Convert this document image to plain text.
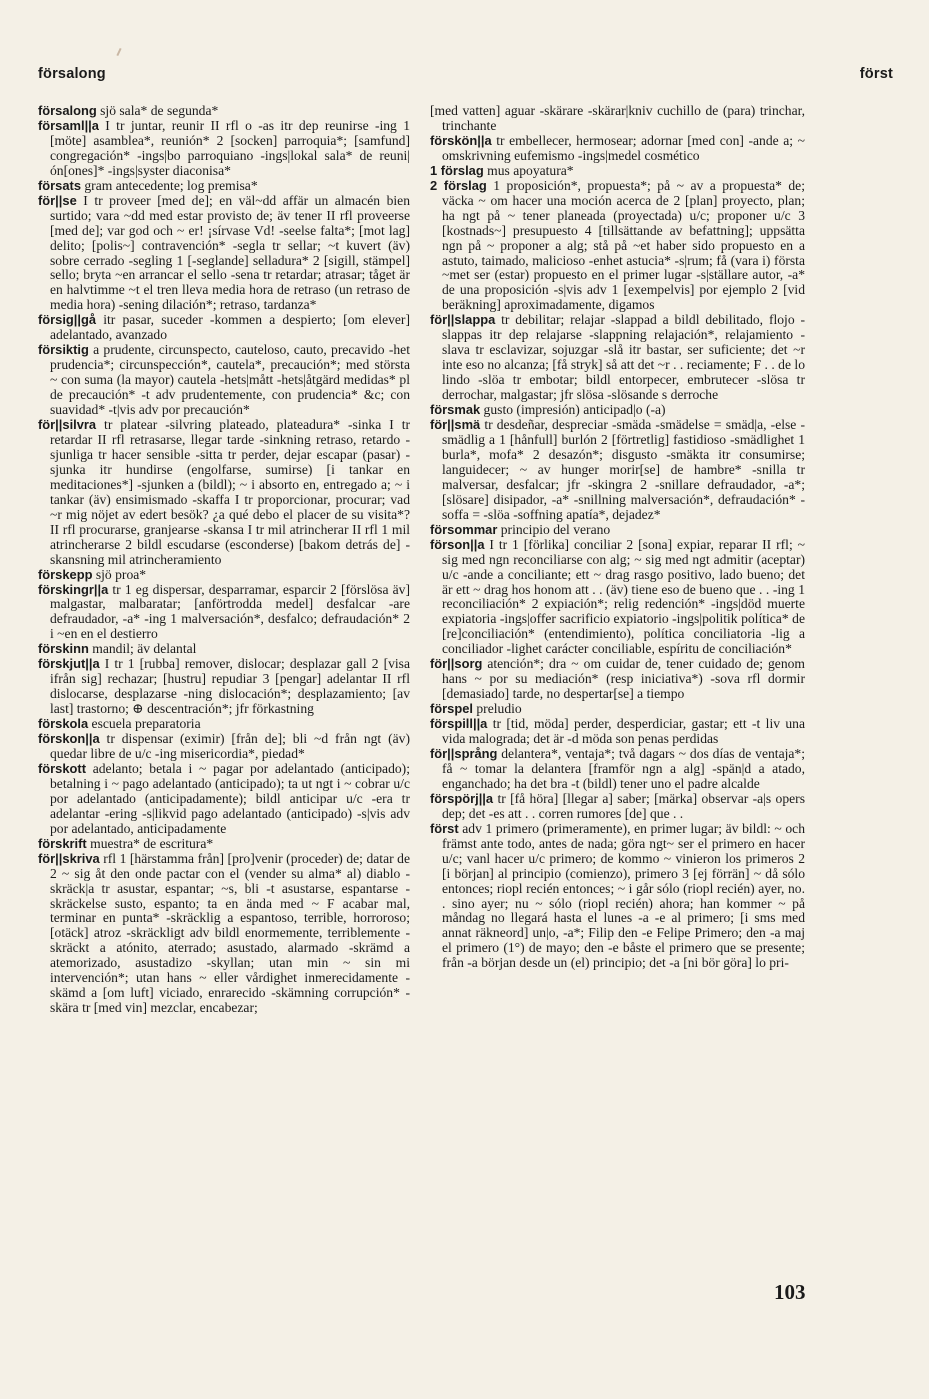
försalong	först

försalong sjö sala* de segunda*

församl||a I tr juntar, reunir II rfl o -as itr dep reunirse -ing 1 [möte] asamblea*, reunión* 2 [socken] parroquia*; [samfund] congregación* -ings|bo parroquiano -ings|lokal sala* de reuni|ón[ones]* -ings|syster diaconisa*

försats gram antecedente; log premisa*

för||se I tr proveer [med de]; en väl~dd affär un almacén bien surtido; vara ~dd med estar provisto de; äv tener II rfl proveerse [med de]; var god och ~ er! ¡sírvase Vd! -seelse falta*; [mot lag] delito; [polis~] contravención* -segla tr sellar; ~t kuvert (äv) sobre cerrado -segling 1 [-seglande] selladura* 2 [sigill, stämpel] sello; bryta ~en arrancar el sello -sena tr retardar; atrasar; tåget är en halvtimme ~t el tren lleva media hora de retraso (un retraso de media hora) -sening dilación*; retraso, tardanza*

försig||gå itr pasar, suceder -kommen a despierto; [om elever] adelantado, avanzado

försiktig a prudente, circunspecto, cauteloso, cauto, precavido -het prudencia*; circunspección*, cautela*, precaución*; med största ~ con suma (la mayor) cautela -hets|mått -hets|åtgärd medidas* pl de precaución* -t adv prudentemente, con prudencia* &c; con suavidad* -t|vis adv por precaución*

för||silvra tr platear -silvring plateado, plateadura* -sinka I tr retardar II rfl retrasarse, llegar tarde -sinkning retraso, retardo -sjunliga tr hacer sensible -sitta tr perder, dejar escapar (pasar) -sjunka itr hundirse (engolfarse, sumirse) [i tankar en meditaciones*] -sjunken a (bildl); ~ i absorto en, entregado a; ~ i tankar (äv) ensimismado -skaffa I tr proporcionar, procurar; vad ~r mig nöjet av edert besök? ¿a qué debo el placer de su visita*? II rfl procurarse, granjearse -skansa I tr mil atrincherar II rfl 1 mil atrincherarse 2 bildl escudarse (esconderse) [bakom detrás de] -skansning mil atrincheramiento

förskepp sjö proa*

förskingr||a tr 1 eg dispersar, desparramar, esparcir 2 [förslösa äv] malgastar, malbaratar; [anförtrodda medel] desfalcar -are defraudador, -a* -ing 1 malversación*, desfalco; defraudación* 2 i ~en en el destierro

förskinn mandil; äv delantal

förskjut||a I tr 1 [rubba] remover, dislocar; desplazar gall 2 [visa ifrån sig] rechazar; [hustru] repudiar 3 [pengar] adelantar II rfl dislocarse, desplazarse -ning dislocación*; desplazamiento; [av last] trastorno; ⊕ descentración*; jfr förkastning

förskola escuela preparatoria

förskon||a tr dispensar (eximir) [från de]; bli ~d från ngt (äv) quedar libre de u/c -ing misericordia*, piedad*

förskott adelanto; betala i ~ pagar por adelantado (anticipado); betalning i ~ pago adelantado (anticipado); ta ut ngt i ~ cobrar u/c por adelantado (anticipadamente); bildl anticipar u/c -era tr adelantar -ering -s|likvid pago adelantado (anticipado) -s|vis adv por adelantado, anticipadamente

förskrift muestra* de escritura*

för||skriva rfl 1 [härstamma från] [pro]venir (proceder) de; datar de 2 ~ sig åt den onde pactar con el (vender su alma* al) diablo -skräck|a tr asustar, espantar; ~s, bli -t asustarse, espantarse -skräckelse susto, espanto; ta en ända med ~ F acabar mal, terminar en punta* -skräcklig a espantoso, terrible, horroroso; [otäck] atroz -skräckligt adv bildl enormemente, terriblemente -skräckt a atónito, aterrado; asustado, alarmado -skrämd a atemorizado, asustadizo -skyllan; utan min ~ sin mi intervención*; utan hans ~ eller vårdighet inmerecidamente -skämd a [om luft] viciado, enrarecido -skämning corrupción* -skära tr [med vin] mezclar, encabezar;

[med vatten] aguar -skärare -skärar|kniv cuchillo de (para) trinchar, trinchante

förskön||a tr embellecer, hermosear; adornar [med con] -ande a; ~ omskrivning eufemismo -ings|medel cosmético

1 förslag mus apoyatura*

2 förslag 1 proposición*, propuesta*; på ~ av a propuesta* de; väcka ~ om hacer una moción acerca de 2 [plan] proyecto, plan; ha ngt på ~ tener planeada (proyectada) u/c; proponer u/c 3 [kostnads~] presupuesto 4 [tillsättande av befattning]; uppsätta ngn på ~ proponer a alg; stå på ~et haber sido propuesto en a astuto, taimado, malicioso -enhet astucia* -s|rum; få (vara i) första ~met ser (estar) propuesto en el primer lugar -s|ställare autor, -a* de una proposición -s|vis adv 1 [exempelvis] por ejemplo 2 [vid beräkning] aproximadamente, digamos

för||slappa tr debilitar; relajar -slappad a bildl debilitado, flojo -slappas itr dep relajarse -slappning relajación*, relajamiento -slava tr esclavizar, sojuzgar -slå itr bastar, ser suficiente; det ~r inte eso no alcanza; [få stryk] så att det ~r . . reciamente; F . . de lo lindo -slöa tr embotar; bildl entorpecer, embrutecer -slösa tr derrochar, malgastar; jfr slösa -slösande s derroche

försmak gusto (impresión) anticipad|o (-a)

för||smä tr desdeñar, despreciar -smäda -smädelse = smäd|a, -else -smädlig a 1 [hånfull] burlón 2 [förtretlig] fastidioso -smädlighet 1 burla*, mofa* 2 desazón*; disgusto -smäkta itr consumirse; languidecer; ~ av hunger morir[se] de hambre* -snilla tr malversar, desfalcar; jfr -skingra 2 -snillare defraudador, -a*; [slösare] disipador, -a* -snillning malversación*, defraudación* -soffa = -slöa -soffning apatía*, dejadez*

försommar principio del verano

förson||a I tr 1 [förlika] conciliar 2 [sona] expiar, reparar II rfl; ~ sig med ngn reconciliarse con alg; ~ sig med ngt admitir (aceptar) u/c -ande a conciliante; ett ~ drag rasgo positivo, lado bueno; det är ett ~ drag hos honom att . . (äv) tiene eso de bueno que . . -ing 1 reconciliación* 2 expiación*; relig redención* -ings|död muerte expiatoria -ings|offer sacrificio expiatorio -ings|politik política* de [re]conciliación* (entendimiento), política conciliatoria -lig a conciliador -lighet carácter conciliable, espíritu de conciliación*

för||sorg atención*; dra ~ om cuidar de, tener cuidado de; genom hans ~ por su mediación* (resp iniciativa*) -sova rfl dormir [demasiado] tarde, no despertar[se] a tiempo

förspel preludio

förspill||a tr [tid, möda] perder, desperdiciar, gastar; ett -t liv una vida malograda; det är -d möda son penas perdidas

för||språng delantera*, ventaja*; två dagars ~ dos días de ventaja*; få ~ tomar la delantera [framför ngn a alg] -spän|d a atado, enganchado; ha det bra -t (bildl) tener uno el padre alcalde

förspörj||a tr [få höra] [llegar a] saber; [märka] observar -a|s opers dep; det -es att . . corren rumores [de] que . .

först adv 1 primero (primeramente), en primer lugar; äv bildl: ~ och främst ante todo, antes de nada; göra ngt~ ser el primero en hacer u/c; vanl hacer u/c primero; de kommo ~ vinieron los primeros 2 [i början] al principio (comienzo), primero 3 [ej förrän] ~ då sólo entonces; riopl recién entonces; ~ i går sólo (riopl recién) ayer, no. . sino ayer; nu ~ sólo (riopl recién) ahora; han kommer ~ på måndag no llegará hasta el lunes -a -e al primero; [i sms med annat räkneord] un|o, -a*; Filip den -e Felipe Primero; den -a maj el primero (1°) de mayo; den -e båste el primero que se presente; från -a början desde un (el) principio; det -a [ni bör göra] lo pri-

103
